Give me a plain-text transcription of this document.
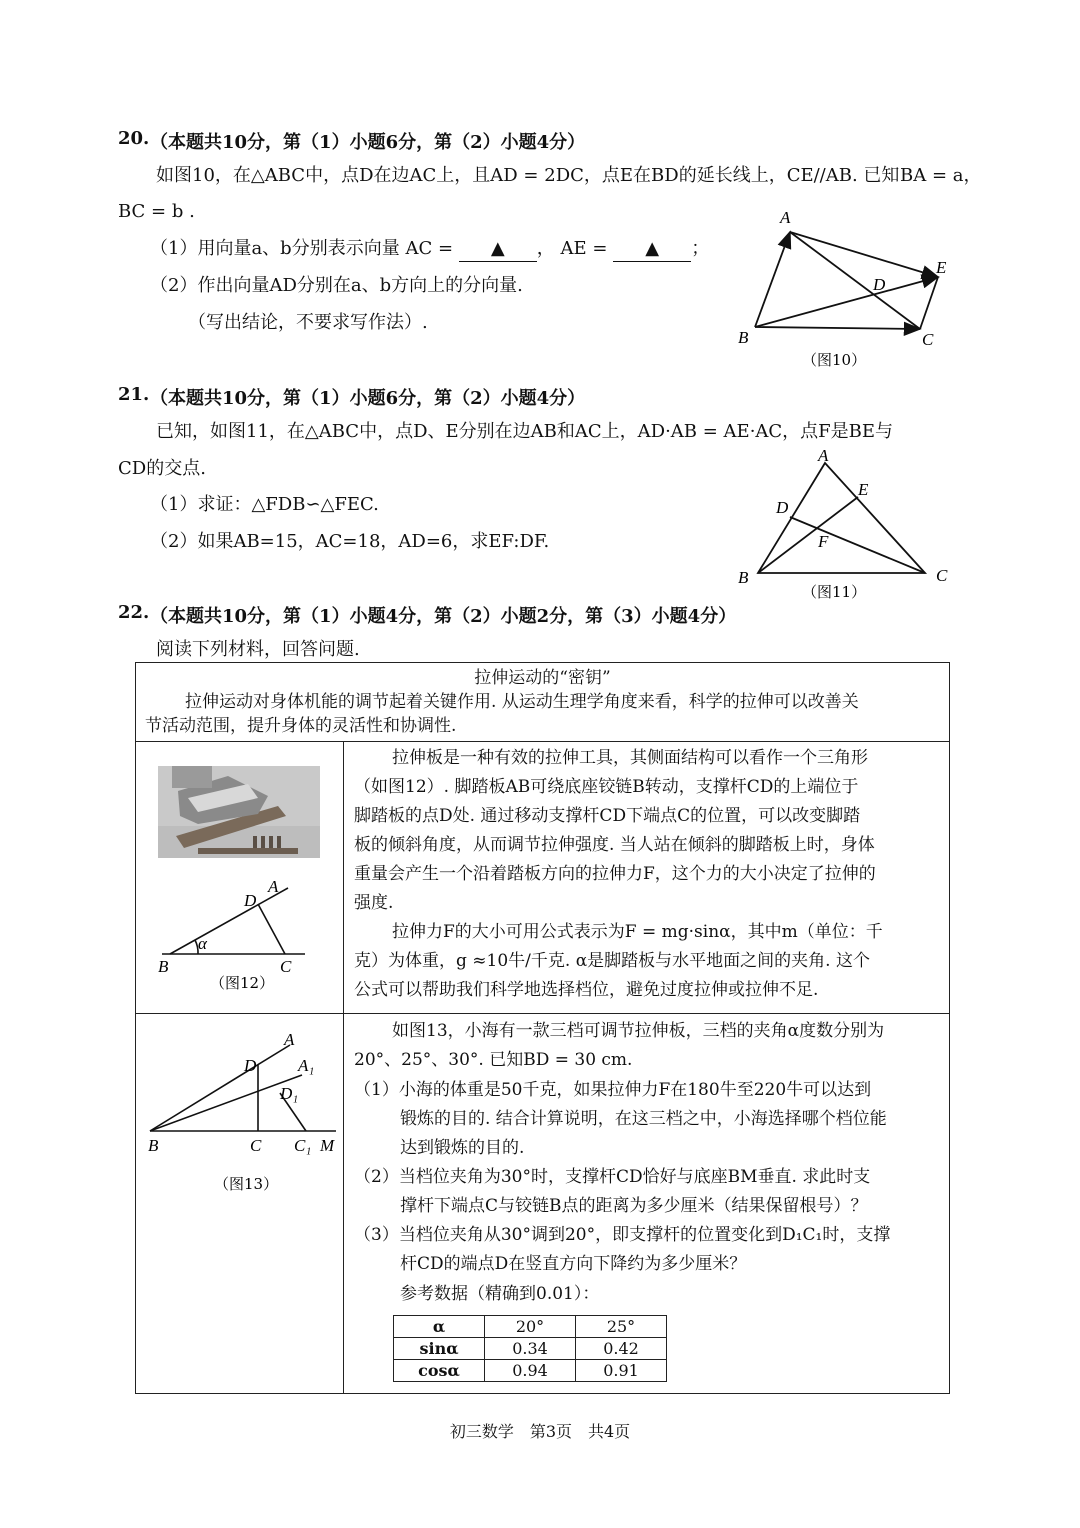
20. （本题共10分，第（1）小题6分，第（2）小题4分）
如图10，在△ABC中，点D在边AC上，且AD = 2DC，点E在BD的延长线上，CE//AB. 已知 BA = a，
BC = b .
（1）用向量a、b分别表示向量 AC = ▲ ， AE = ▲ ；
（2）作出向量AD分别在a、b方向上的分向量.
（写出结论，不要求写作法）.
A
B	C
D
E
（图10）
21. （本题共10分，第（1）小题6分，第（2）小题4分）
已知，如图11，在△ABC中，点D、E分别在边AB和AC上，AD·AB = AE·AC，点F是BE与
CD的交点.
（1）求证：△FDB∽△FEC.
（2）如果AB=15，AC=18，AD=6，求EF:DF.
A
B	C
D
E
F
（图11）
22. （本题共10分，第（1）小题4分，第（2）小题2分，第（3）小题4分）
阅读下列材料，回答问题.
拉伸运动的“密钥”
拉伸运动对身体机能的调节起着关键作用. 从运动生理学角度来看，科学的拉伸可以改善关
节活动范围，提升身体的灵活性和协调性.
拉伸板是一种有效的拉伸工具，其侧面结构可以看作一个三角形
（如图12）. 脚踏板AB可绕底座铰链B转动，支撑杆CD的上端位于
脚踏板的点D处. 通过移动支撑杆CD下端点C的位置，可以改变脚踏
板的倾斜角度，从而调节拉伸强度. 当人站在倾斜的脚踏板上时，身体
重量会产生一个沿着踏板方向的拉伸力F，这个力的大小决定了拉伸的
强度.
拉伸力F的大小可用公式表示为F = mg·sinα，其中m（单位：千
克）为体重，g ≈10牛/千克. α是脚踏板与水平地面之间的夹角. 这个
公式可以帮助我们科学地选择档位，避免过度拉伸或拉伸不足.
A
D
α
B	C
（图12）
A
A₁
D
D₁
B	C C₁ M
（图13）
如图13，小海有一款三档可调节拉伸板，三档的夹角α度数分别为
20°、25°、30°. 已知BD = 30 cm.
（1）小海的体重是50千克，如果拉伸力F在180牛至220牛可以达到
锻炼的目的. 结合计算说明，在这三档之中，小海选择哪个档位能
达到锻炼的目的.
（2）当档位夹角为30°时，支撑杆CD恰好与底座BM垂直. 求此时支
撑杆下端点C与铰链B点的距离为多少厘米（结果保留根号）？
（3）当档位夹角从30°调到20°，即支撑杆的位置变化到D₁C₁时，支撑
杆CD的端点D在竖直方向下降约为多少厘米？
参考数据（精确到0.01）：
α	20°	25°
sinα	0.34	0.42
cosα	0.94	0.91
初三数学　第3页　共4页
